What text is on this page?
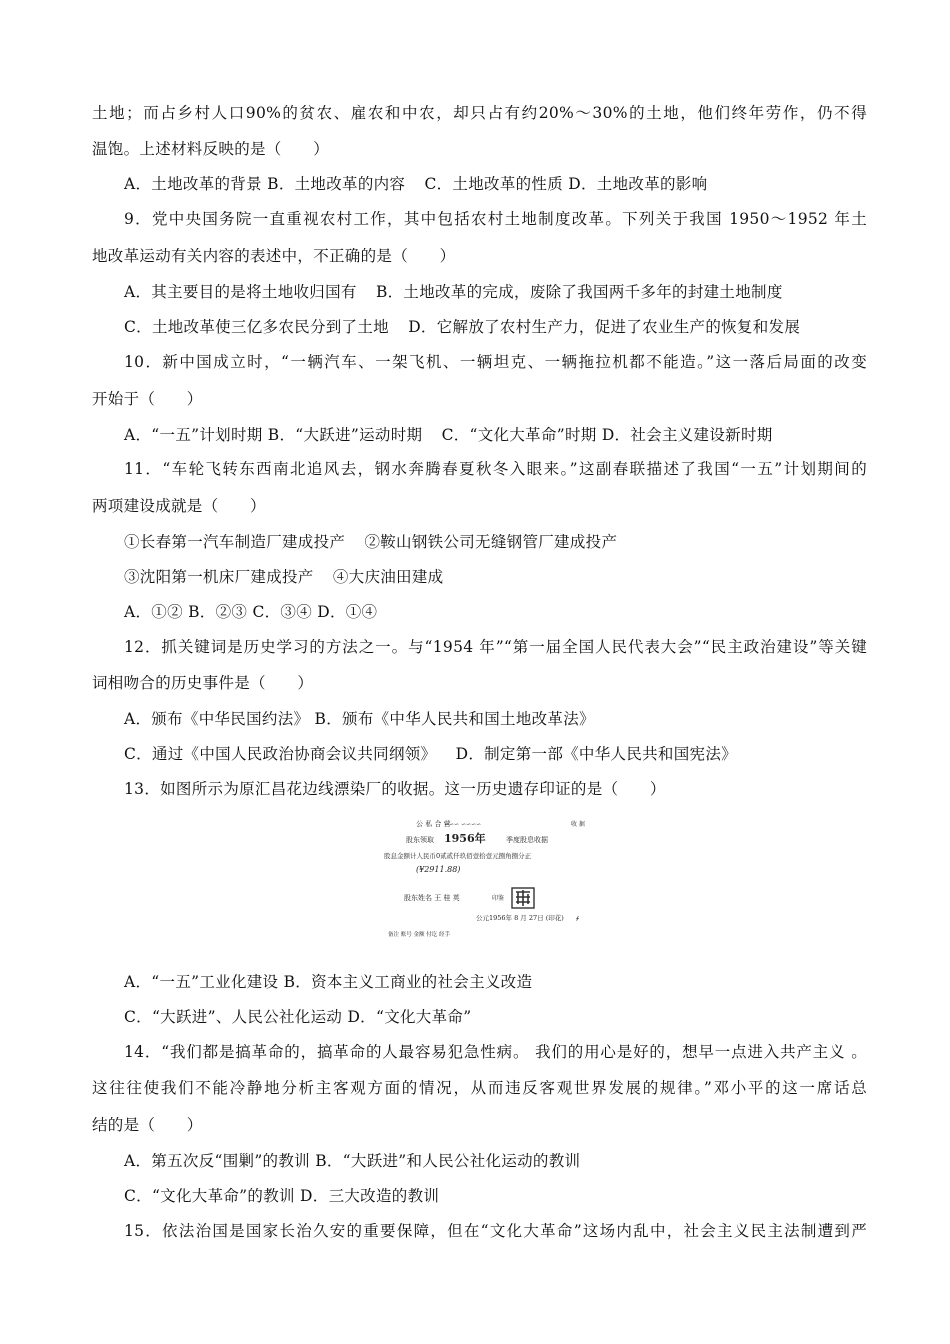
土地；而占乡村人口90%的贫农、雇农和中农，却只占有约20%～30%的土地，他们终年劳作，仍不得
温饱。上述材料反映的是（　　）
A．土地改革的背景 B．土地改革的内容 C．土地改革的性质 D．土地改革的影响
9．党中央国务院一直重视农村工作，其中包括农村土地制度改革。下列关于我国 1950～1952 年土
地改革运动有关内容的表述中，不正确的是（　　）
A．其主要目的是将土地收归国有 B．土地改革的完成，废除了我国两千多年的封建土地制度
C．土地改革使三亿多农民分到了土地 D．它解放了农村生产力，促进了农业生产的恢复和发展
10．新中国成立时，“一辆汽车、一架飞机、一辆坦克、一辆拖拉机都不能造。”这一落后局面的改变
开始于（　　）
A．“一五”计划时期 B．“大跃进”运动时期 C．“文化大革命”时期 D．社会主义建设新时期
11．“车轮飞转东西南北追风去，钢水奔腾春夏秋冬入眼来。”这副春联描述了我国“一五”计划期间的
两项建设成就是（　　）
①长春第一汽车制造厂建成投产 ②鞍山钢铁公司无缝钢管厂建成投产
③沈阳第一机床厂建成投产 ④大庆油田建成
A．①② B．②③ C．③④ D．①④
12．抓关键词是历史学习的方法之一。与“1954 年”“第一届全国人民代表大会”“民主政治建设”等关键
词相吻合的历史事件是（　　）
A．颁布《中华民国约法》 B．颁布《中华人民共和国土地改革法》
C．通过《中国人民政治协商会议共同纲领》 D．制定第一部《中华人民共和国宪法》
13．如图所示为原汇昌花边线漂染厂的收据。这一历史遗存印证的是（　　）
公 私 合 营
∽∽∽ ∽∽∽∽	收 据
股东领取 1956年	季度股息收据
股息金额计人民币0贰贰仟玖佰壹拾壹元捌角捌分正
(¥2911.88)
股东姓名 王 桂 英	印鉴
公元1956年 8 月 27日 (印花) ᚋ
备注 账号 金额 付讫 经手
A．“一五”工业化建设 B．资本主义工商业的社会主义改造
C．“大跃进”、人民公社化运动 D．“文化大革命”
14．“我们都是搞革命的，搞革命的人最容易犯急性病。 我们的用心是好的，想早一点进入共产主义 。
这往往使我们不能冷静地分析主客观方面的情况，从而违反客观世界发展的规律。”邓小平的这一席话总
结的是（　　）
A．第五次反“围剿”的教训 B．“大跃进”和人民公社化运动的教训
C．“文化大革命”的教训 D．三大改造的教训
15．依法治国是国家长治久安的重要保障，但在“文化大革命”这场内乱中，社会主义民主法制遭到严
